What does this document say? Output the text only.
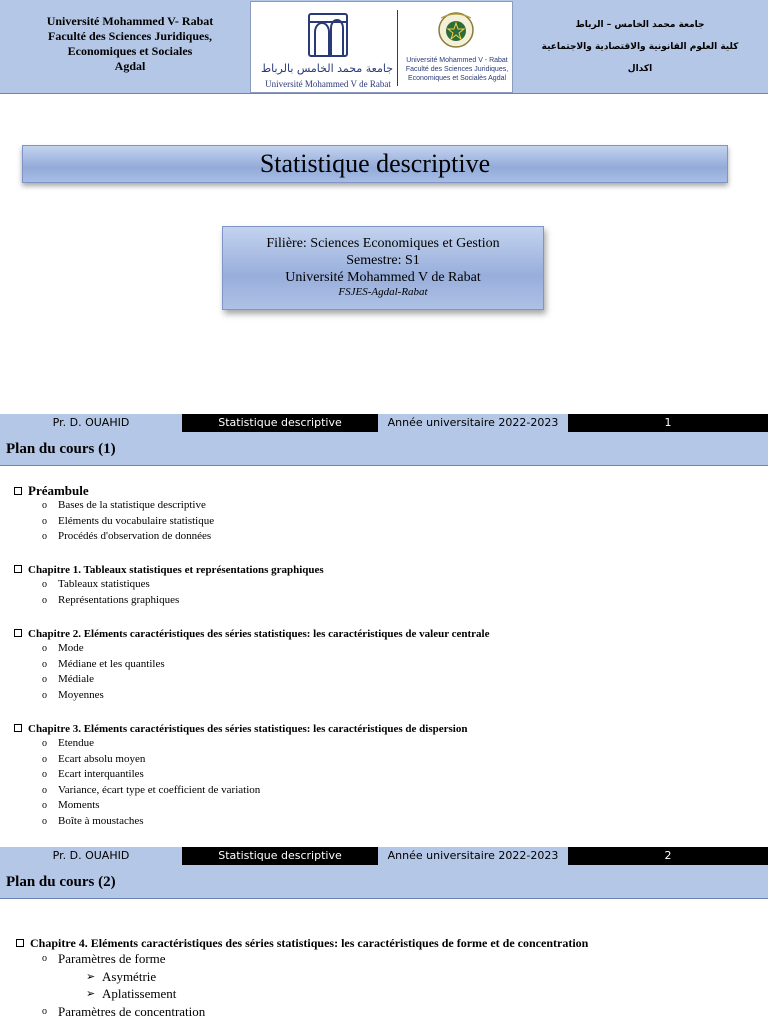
Université Mohammed V- Rabat
Faculté des Sciences Juridiques,
Economiques et Sociales
Agdal	جامعة محمد الخامس بالرباط
Université Mohammed V de Rabat
Université Mohammed V - Rabat
Faculté des Sciences Juridiques,
Economiques et Socialès Agdal
جامعة محمد الخامس – الرباط
كلية العلوم القانونية والاقتصادية والاجتماعية
اكدال
Statistique descriptive
Filière: Sciences Economiques et Gestion
Semestre: S1
Université Mohammed V de Rabat
FSJES-Agdal-Rabat
Pr. D. OUAHID	Statistique descriptive	Année universitaire 2022-2023	1
Plan du cours (1)
Préambule
o Bases de la statistique descriptive
o Eléments du vocabulaire statistique
o Procédés d'observation de données
Chapitre 1. Tableaux statistiques et représentations graphiques
o Tableaux statistiques
o Représentations graphiques
Chapitre 2. Eléments caractéristiques des séries statistiques: les caractéristiques de valeur centrale
o Mode
o Médiane et les quantiles
o Médiale
o Moyennes
Chapitre 3. Eléments caractéristiques des séries statistiques: les caractéristiques de dispersion
o Etendue
o Ecart absolu moyen
o Ecart interquantiles
o Variance, écart type et coefficient de variation
o Moments
o Boîte à moustaches
Pr. D. OUAHID	Statistique descriptive	Année universitaire 2022-2023	2
Plan du cours (2)
Chapitre 4. Eléments caractéristiques des séries statistiques: les caractéristiques de forme et de concentration
o Paramètres de forme
➢ Asymétrie
➢ Aplatissement
o Paramètres de concentration
